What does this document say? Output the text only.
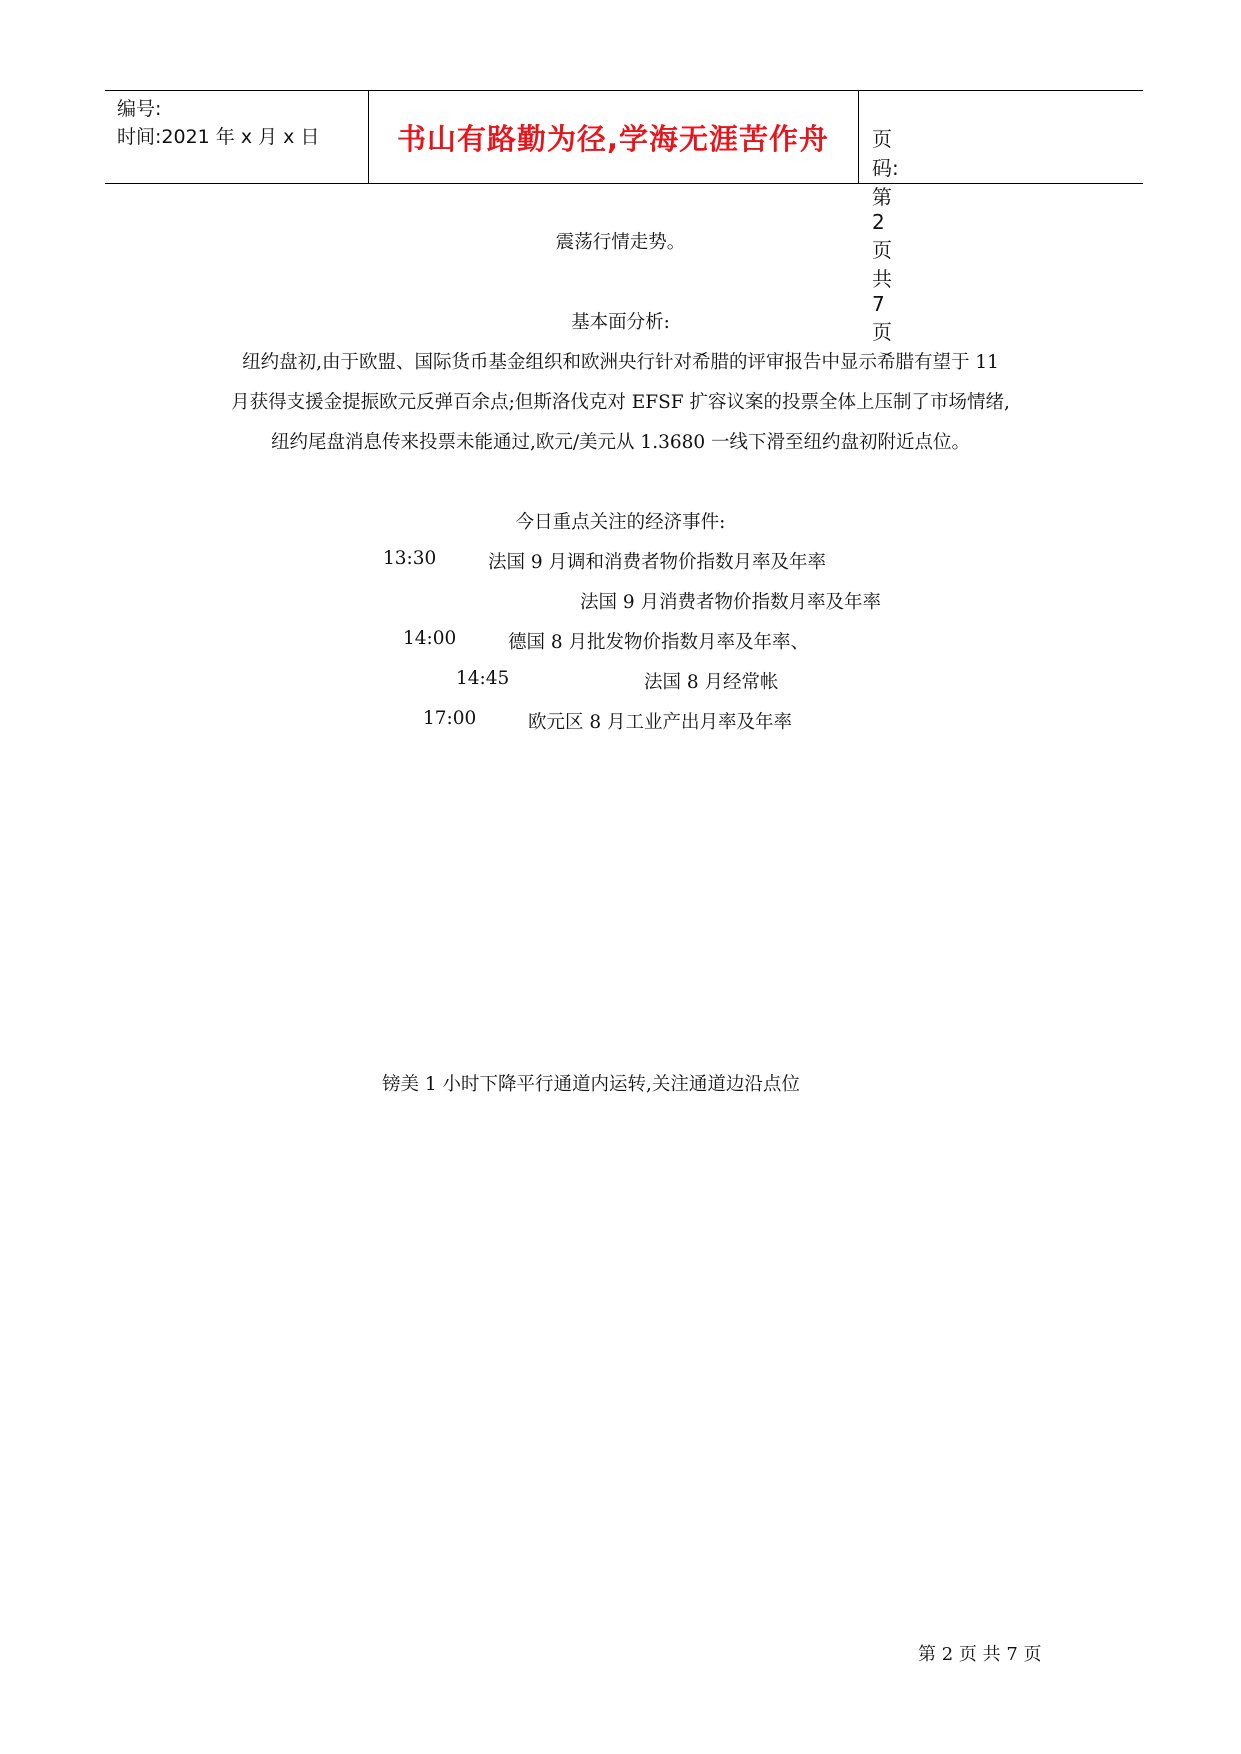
编号:
时间:2021 年 x 月 x 日	书山有路勤为径,学海无涯苦作舟	页码:第 2 页 共 7 页
震荡行情走势。
基本面分析:
纽约盘初,由于欧盟、国际货币基金组织和欧洲央行针对希腊的评审报告中显示希腊有望于 11
月获得支援金提振欧元反弹百余点;但斯洛伐克对 EFSF 扩容议案的投票全体上压制了市场情绪,
纽约尾盘消息传来投票未能通过,欧元/美元从 1.3680 一线下滑至纽约盘初附近点位。
今日重点关注的经济事件:
13:30	法国 9 月调和消费者物价指数月率及年率
法国 9 月消费者物价指数月率及年率
14:00	德国 8 月批发物价指数月率及年率、
14:45	法国 8 月经常帐
17:00	欧元区 8 月工业产出月率及年率
镑美 1 小时下降平行通道内运转,关注通道边沿点位
第 2 页 共 7 页
